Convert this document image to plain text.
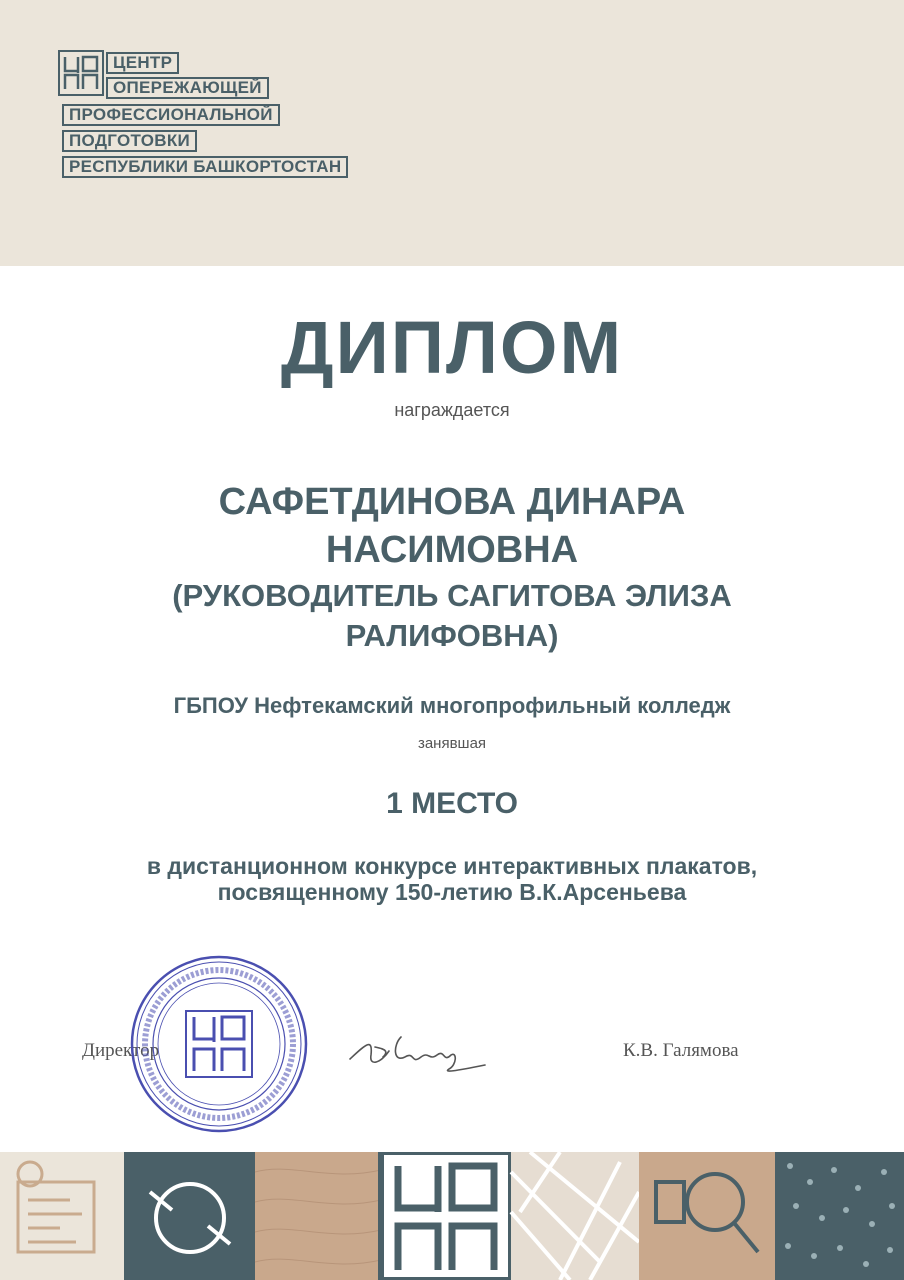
ЦЕНТР
ОПЕРЕЖАЮЩЕЙ
ПРОФЕССИОНАЛЬНОЙ
ПОДГОТОВКИ
РЕСПУБЛИКИ БАШКОРТОСТАН
ДИПЛОМ
награждается
САФЕТДИНОВА ДИНАРА
НАСИМОВНА
(РУКОВОДИТЕЛЬ САГИТОВА ЭЛИЗА
РАЛИФОВНА)
ГБПОУ Нефтекамский многопрофильный колледж
занявшая
1 МЕСТО
в дистанционном конкурсе интерактивных плакатов,
посвященному 150-летию В.К.Арсеньева
Директор	К.В. Галямова
